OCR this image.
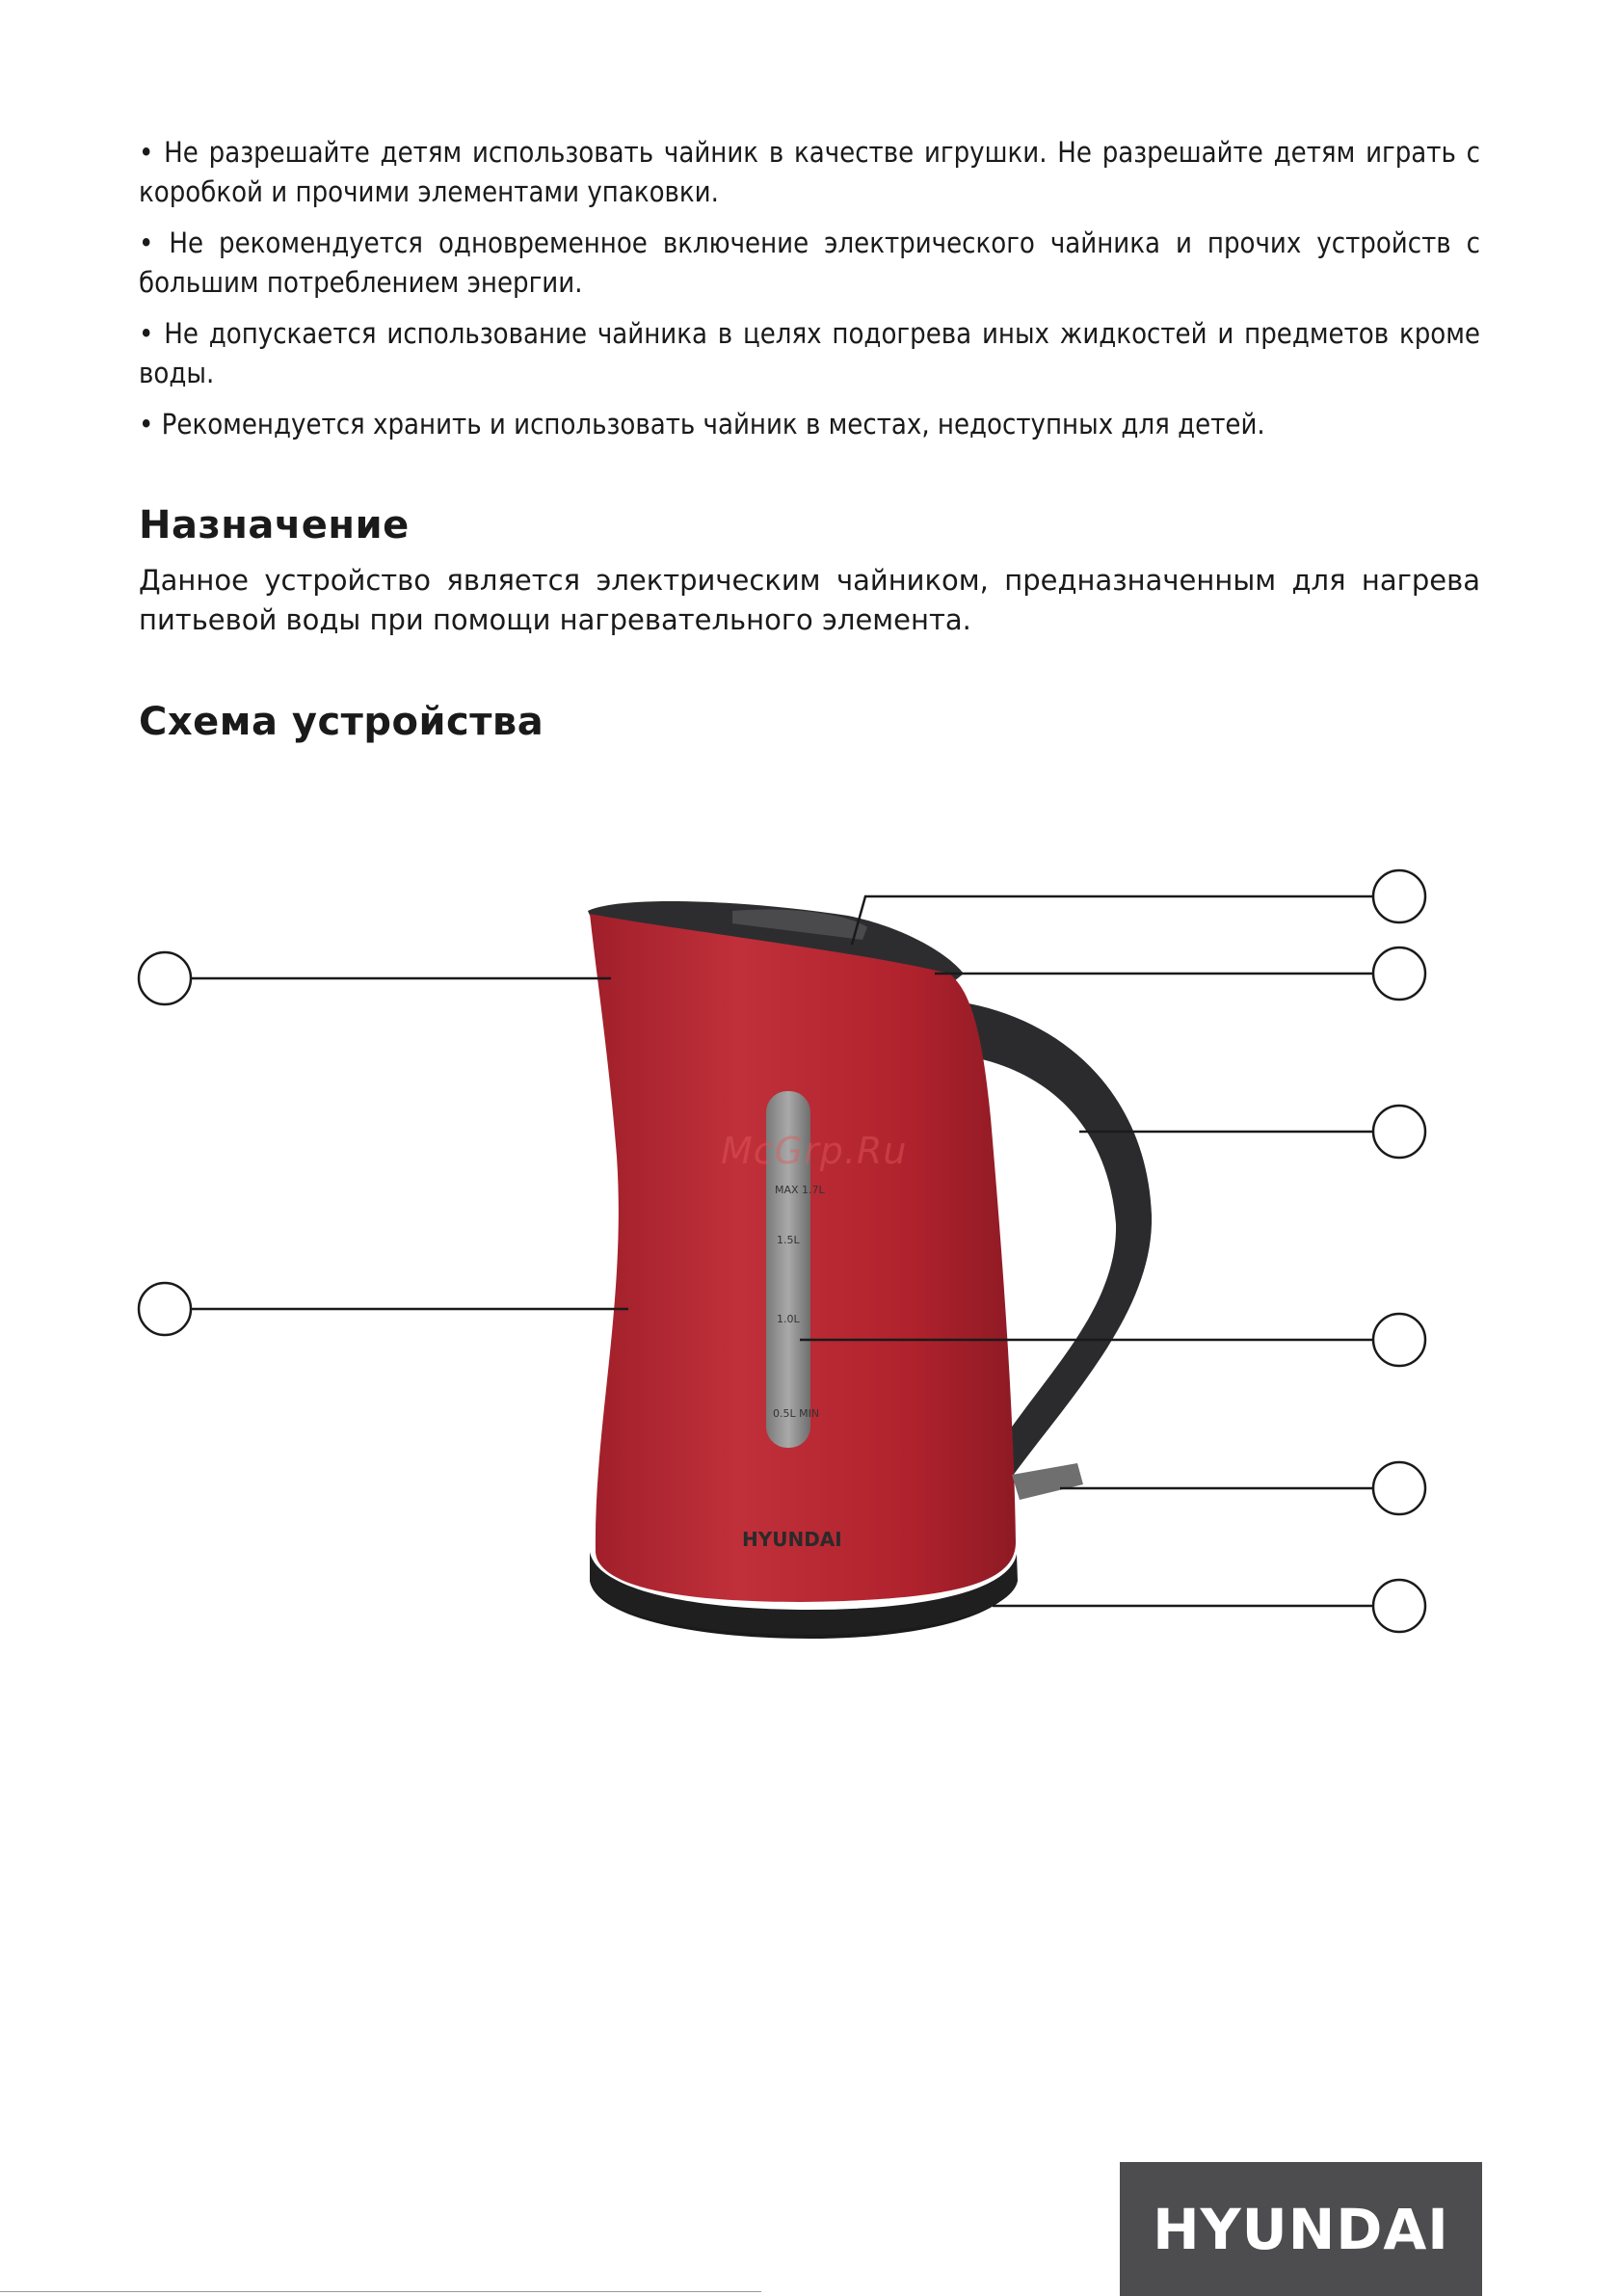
• Не разрешайте детям использовать чайник в качестве игрушки. Не разрешайте детям играть с коробкой и прочими элементами упаковки.

• Не рекомендуется одновременное включение электрического чайника и прочих устройств с большим потреблением энергии.

• Не допускается использование чайника в целях подогрева иных жидкостей и предметов кроме воды.

• Рекомендуется хранить и использовать чайник в местах, недоступных для детей.

Назначение

Данное устройство является электрическим чайником, предназначенным для нагрева питьевой воды при помощи нагревательного элемента.

Схема устройства
MAX 1.7L
1.5L
1.0L
0.5L MIN
HYUNDAI
McGrp.Ru
HYUNDAI
